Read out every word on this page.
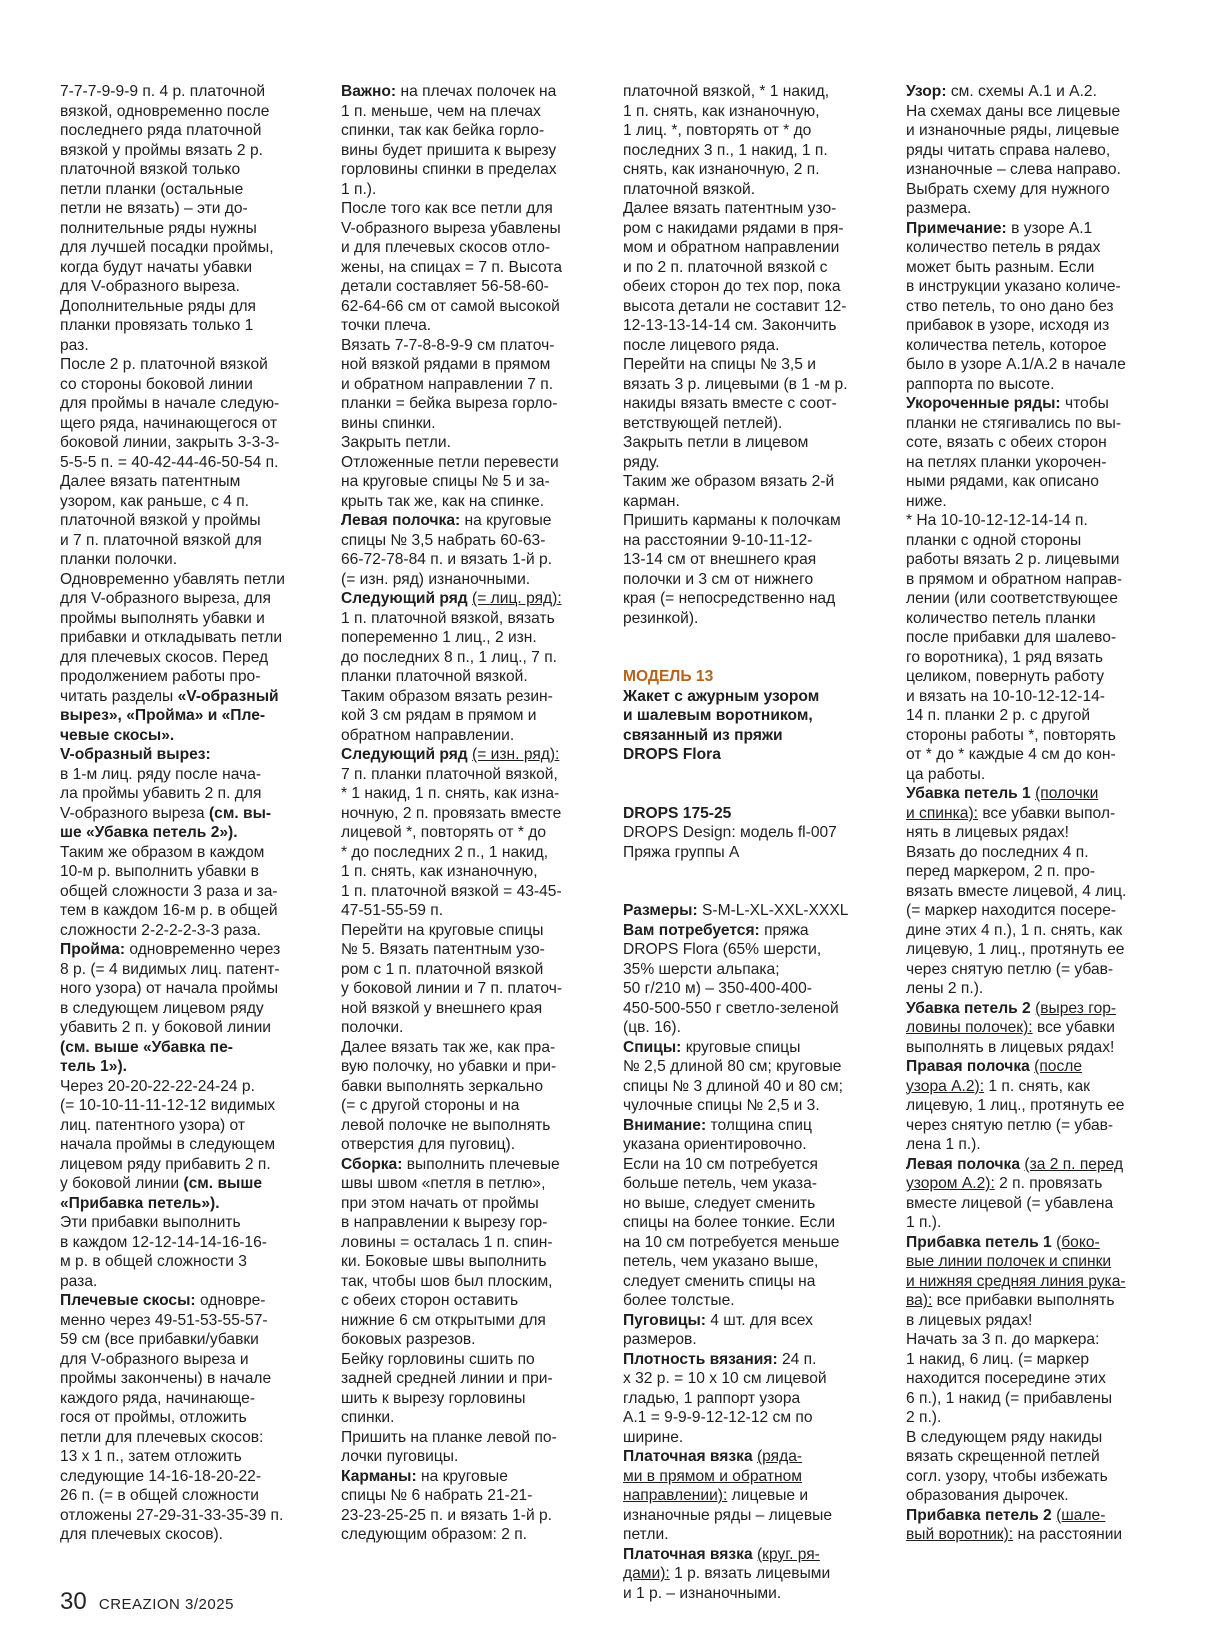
7-7-7-9-9-9 п. 4 р. платочной
вязкой, одновременно после
последнего ряда платочной
вязкой у проймы вязать 2 р.
платочной вязкой только
петли планки (остальные
петли не вязать) – эти до-
полнительные ряды нужны
для лучшей посадки проймы,
когда будут начаты убавки
для V-образного выреза.
Дополнительные ряды для
планки провязать только 1
раз.
После 2 р. платочной вязкой
со стороны боковой линии
для проймы в начале следую-
щего ряда, начинающегося от
боковой линии, закрыть 3-3-3-
5-5-5 п. = 40-42-44-46-50-54 п.
Далее вязать патентным
узором, как раньше, с 4 п.
платочной вязкой у проймы
и 7 п. платочной вязкой для
планки полочки.
Одновременно убавлять петли
для V-образного выреза, для
проймы выполнять убавки и
прибавки и откладывать петли
для плечевых скосов. Перед
продолжением работы про-
читать разделы «V-образный
вырез», «Пройма» и «Пле-
чевые скосы».
V-образный вырез:
в 1-м лиц. ряду после нача-
ла проймы убавить 2 п. для
V-образного выреза (см. вы-
ше «Убавка петель 2»).
Таким же образом в каждом
10-м р. выполнить убавки в
общей сложности 3 раза и за-
тем в каждом 16-м р. в общей
сложности 2-2-2-2-3-3 раза.
Пройма: одновременно через
8 р. (= 4 видимых лиц. патент-
ного узора) от начала проймы
в следующем лицевом ряду
убавить 2 п. у боковой линии
(см. выше «Убавка пе-
тель 1»).
Через 20-20-22-22-24-24 р.
(= 10-10-11-11-12-12 видимых
лиц. патентного узора) от
начала проймы в следующем
лицевом ряду прибавить 2 п.
у боковой линии (см. выше
«Прибавка петель»).
Эти прибавки выполнить
в каждом 12-12-14-14-16-16-
м р. в общей сложности 3
раза.
Плечевые скосы: одновре-
менно через 49-51-53-55-57-
59 см (все прибавки/убавки
для V-образного выреза и
проймы закончены) в начале
каждого ряда, начинающе-
гося от проймы, отложить
петли для плечевых скосов:
13 х 1 п., затем отложить
следующие 14-16-18-20-22-
26 п. (= в общей сложности
отложены 27-29-31-33-35-39 п.
для плечевых скосов).
Важно: на плечах полочек на
1 п. меньше, чем на плечах
спинки, так как бейка горло-
вины будет пришита к вырезу
горловины спинки в пределах
1 п.).
После того как все петли для
V-образного выреза убавлены
и для плечевых скосов отло-
жены, на спицах = 7 п. Высота
детали составляет 56-58-60-
62-64-66 см от самой высокой
точки плеча.
Вязать 7-7-8-8-9-9 см платоч-
ной вязкой рядами в прямом
и обратном направлении 7 п.
планки = бейка выреза горло-
вины спинки.
Закрыть петли.
Отложенные петли перевести
на круговые спицы № 5 и за-
крыть так же, как на спинке.
Левая полочка: на круговые
спицы № 3,5 набрать 60-63-
66-72-78-84 п. и вязать 1-й р.
(= изн. ряд) изнаночными.
Следующий ряд (= лиц. ряд):
1 п. платочной вязкой, вязать
попеременно 1 лиц., 2 изн.
до последних 8 п., 1 лиц., 7 п.
планки платочной вязкой.
Таким образом вязать резин-
кой 3 см рядам в прямом и
обратном направлении.
Следующий ряд (= изн. ряд):
7 п. планки платочной вязкой,
* 1 накид, 1 п. снять, как изна-
ночную, 2 п. провязать вместе
лицевой *, повторять от * до
* до последних 2 п., 1 накид,
1 п. снять, как изнаночную,
1 п. платочной вязкой = 43-45-
47-51-55-59 п.
Перейти на круговые спицы
№ 5. Вязать патентным узо-
ром с 1 п. платочной вязкой
у боковой линии и 7 п. платоч-
ной вязкой у внешнего края
полочки.
Далее вязать так же, как пра-
вую полочку, но убавки и при-
бавки выполнять зеркально
(= с другой стороны и на
левой полочке не выполнять
отверстия для пуговиц).
Сборка: выполнить плечевые
швы швом «петля в петлю»,
при этом начать от проймы
в направлении к вырезу гор-
ловины = осталась 1 п. спин-
ки. Боковые швы выполнить
так, чтобы шов был плоским,
с обеих сторон оставить
нижние 6 см открытыми для
боковых разрезов.
Бейку горловины сшить по
задней средней линии и при-
шить к вырезу горловины
спинки.
Пришить на планке левой по-
лочки пуговицы.
Карманы: на круговые
спицы № 6 набрать 21-21-
23-23-25-25 п. и вязать 1-й р.
следующим образом: 2 п.
платочной вязкой, * 1 накид,
1 п. снять, как изнаночную,
1 лиц. *, повторять от * до
последних 3 п., 1 накид, 1 п.
снять, как изнаночную, 2 п.
платочной вязкой.
Далее вязать патентным узо-
ром с накидами рядами в пря-
мом и обратном направлении
и по 2 п. платочной вязкой с
обеих сторон до тех пор, пока
высота детали не составит 12-
12-13-13-14-14 см. Закончить
после лицевого ряда.
Перейти на спицы № 3,5 и
вязать 3 р. лицевыми (в 1 -м р.
накиды вязать вместе с соот-
ветствующей петлей).
Закрыть петли в лицевом
ряду.
Таким же образом вязать 2-й
карман.
Пришить карманы к полочкам
на расстоянии 9-10-11-12-
13-14 см от внешнего края
полочки и 3 см от нижнего
края (= непосредственно над
резинкой).
МОДЕЛЬ 13
Жакет с ажурным узором
и шалевым воротником,
связанный из пряжи
DROPS Flora
DROPS 175-25
DROPS Design: модель fl-007
Пряжа группы А
Размеры: S-M-L-XL-XXL-XXXL
Вам потребуется: пряжа
DROPS Flora (65% шерсти,
35% шерсти альпака;
50 г/210 м) – 350-400-400-
450-500-550 г светло-зеленой
(цв. 16).
Спицы: круговые спицы
№ 2,5 длиной 80 см; круговые
спицы № 3 длиной 40 и 80 см;
чулочные спицы № 2,5 и 3.
Внимание: толщина спиц
указана ориентировочно.
Если на 10 см потребуется
больше петель, чем указа-
но выше, следует сменить
спицы на более тонкие. Если
на 10 см потребуется меньше
петель, чем указано выше,
следует сменить спицы на
более толстые.
Пуговицы: 4 шт. для всех
размеров.
Плотность вязания: 24 п.
х 32 р. = 10 х 10 см лицевой
гладью, 1 раппорт узора
А.1 = 9-9-9-12-12-12 см по
ширине.
Платочная вязка (ряда-
ми в прямом и обратном
направлении): лицевые и
изнаночные ряды – лицевые
петли.
Платочная вязка (круг. ря-
дами): 1 р. вязать лицевыми
и 1 р. – изнаночными.
Узор: см. схемы А.1 и А.2.
На схемах даны все лицевые
и изнаночные ряды, лицевые
ряды читать справа налево,
изнаночные – слева направо.
Выбрать схему для нужного
размера.
Примечание: в узоре А.1
количество петель в рядах
может быть разным. Если
в инструкции указано количе-
ство петель, то оно дано без
прибавок в узоре, исходя из
количества петель, которое
было в узоре А.1/А.2 в начале
раппорта по высоте.
Укороченные ряды: чтобы
планки не стягивались по вы-
соте, вязать с обеих сторон
на петлях планки укорочен-
ными рядами, как описано
ниже.
* На 10-10-12-12-14-14 п.
планки с одной стороны
работы вязать 2 р. лицевыми
в прямом и обратном направ-
лении (или соответствующее
количество петель планки
после прибавки для шалево-
го воротника), 1 ряд вязать
целиком, повернуть работу
и вязать на 10-10-12-12-14-
14 п. планки 2 р. с другой
стороны работы *, повторять
от * до * каждые 4 см до кон-
ца работы.
Убавка петель 1 (полочки
и спинка): все убавки выпол-
нять в лицевых рядах!
Вязать до последних 4 п.
перед маркером, 2 п. про-
вязать вместе лицевой, 4 лиц.
(= маркер находится посере-
дине этих 4 п.), 1 п. снять, как
лицевую, 1 лиц., протянуть ее
через снятую петлю (= убав-
лены 2 п.).
Убавка петель 2 (вырез гор-
ловины полочек): все убавки
выполнять в лицевых рядах!
Правая полочка (после
узора А.2): 1 п. снять, как
лицевую, 1 лиц., протянуть ее
через снятую петлю (= убав-
лена 1 п.).
Левая полочка (за 2 п. перед
узором А.2): 2 п. провязать
вместе лицевой (= убавлена
1 п.).
Прибавка петель 1 (боко-
вые линии полочек и спинки
и нижняя средняя линия рука-
ва): все прибавки выполнять
в лицевых рядах!
Начать за 3 п. до маркера:
1 накид, 6 лиц. (= маркер
находится посередине этих
6 п.), 1 накид (= прибавлены
2 п.).
В следующем ряду накиды
вязать скрещенной петлей
согл. узору, чтобы избежать
образования дырочек.
Прибавка петель 2 (шале-
вый воротник): на расстоянии
30 CREAZION 3/2025
